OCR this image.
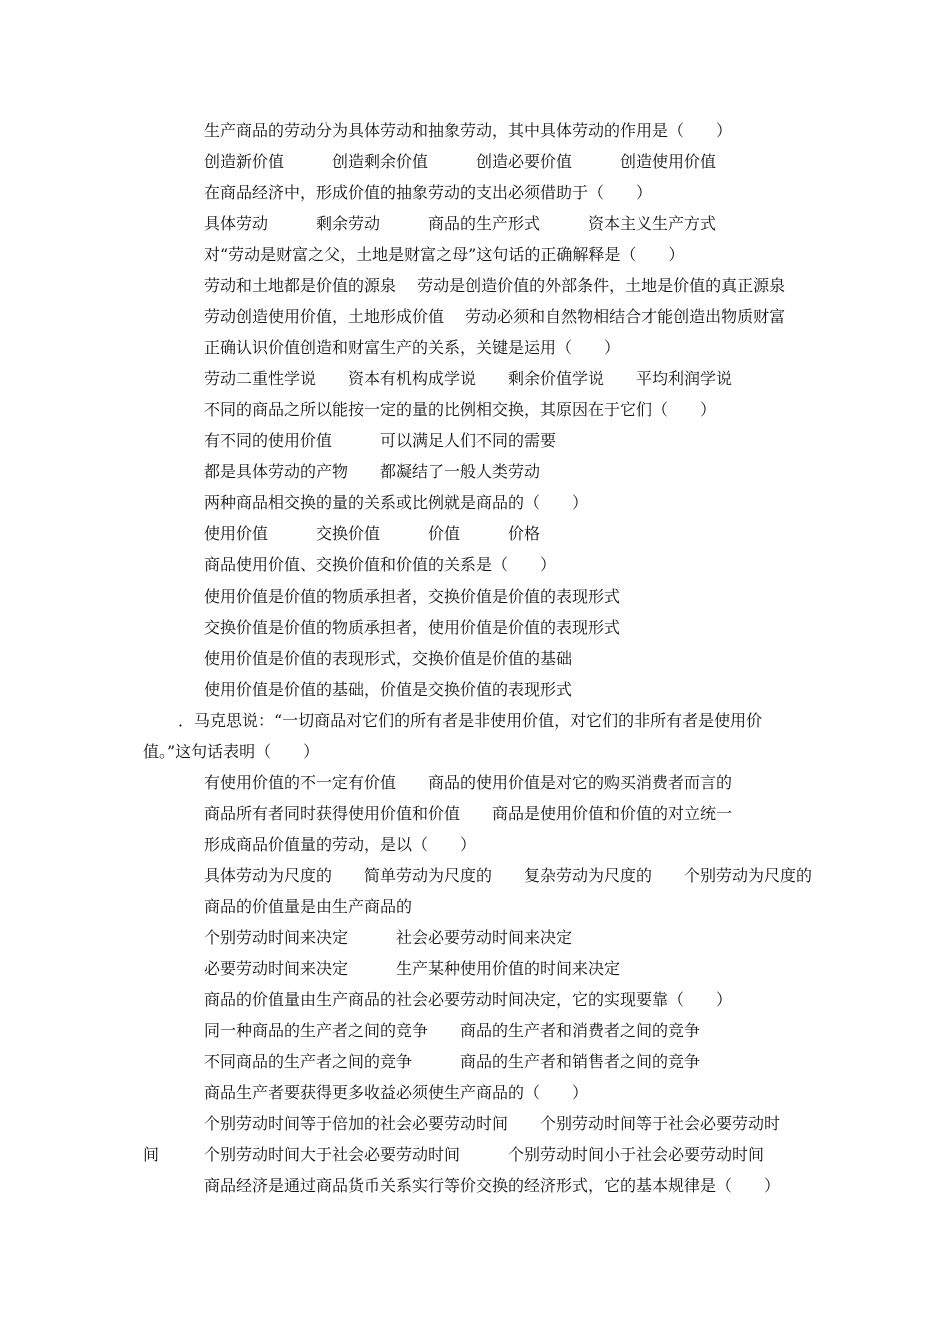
生产商品的劳动分为具体劳动和抽象劳动，其中具体劳动的作用是（　　）
创造新价值　　　创造剩余价值　　　创造必要价值　　　创造使用价值
在商品经济中，形成价值的抽象劳动的支出必须借助于（　　）
具体劳动　　　剩余劳动　　　商品的生产形式　　　资本主义生产方式
对“劳动是财富之父，土地是财富之母”这句话的正确解释是（　　）
劳动和土地都是价值的源泉　 劳动是创造价值的外部条件，土地是价值的真正源泉
劳动创造使用价值，土地形成价值　 劳动必须和自然物相结合才能创造出物质财富
正确认识价值创造和财富生产的关系，关键是运用（　　）
劳动二重性学说　　资本有机构成学说　　剩余价值学说　　平均利润学说
不同的商品之所以能按一定的量的比例相交换，其原因在于它们（　　）
有不同的使用价值　　　可以满足人们不同的需要
都是具体劳动的产物　　都凝结了一般人类劳动
两种商品相交换的量的关系或比例就是商品的（　　）
使用价值　　　交换价值　　　价值　　　价格
商品使用价值、交换价值和价值的关系是（　　）
使用价值是价值的物质承担者，交换价值是价值的表现形式
交换价值是价值的物质承担者，使用价值是价值的表现形式
使用价值是价值的表现形式，交换价值是价值的基础
使用价值是价值的基础，价值是交换价值的表现形式
．马克思说：“一切商品对它们的所有者是非使用价值，对它们的非所有者是使用价
值。”这句话表明（　　）
有使用价值的不一定有价值　　商品的使用价值是对它的购买消费者而言的
商品所有者同时获得使用价值和价值　　商品是使用价值和价值的对立统一
形成商品价值量的劳动，是以（　　）
具体劳动为尺度的　　简单劳动为尺度的　　复杂劳动为尺度的　　个别劳动为尺度的
商品的价值量是由生产商品的
个别劳动时间来决定　　　社会必要劳动时间来决定
必要劳动时间来决定　　　生产某种使用价值的时间来决定
商品的价值量由生产商品的社会必要劳动时间决定，它的实现要靠（　　）
同一种商品的生产者之间的竞争　　商品的生产者和消费者之间的竞争
不同商品的生产者之间的竞争　　　商品的生产者和销售者之间的竞争
商品生产者要获得更多收益必须使生产商品的（　　）
个别劳动时间等于倍加的社会必要劳动时间　　个别劳动时间等于社会必要劳动时
间	个别劳动时间大于社会必要劳动时间　　　个别劳动时间小于社会必要劳动时间
商品经济是通过商品货币关系实行等价交换的经济形式，它的基本规律是（　　）
